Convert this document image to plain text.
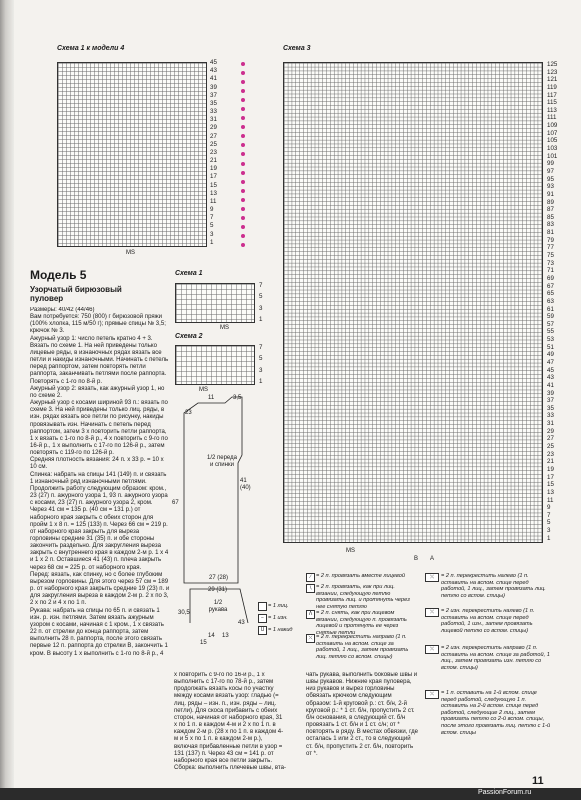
Схема 1 к модели 4
45
43
41
39
37
35
33
31
29
27
25
23
21
19
17
15
13
11
9
7
5
3
1
MS
Схема 3
125
123
121
119
117
115
113
111
109
107
105
103
101
99
97
95
93
91
89
87
85
83
81
79
77
75
73
71
69
67
65
63
61
59
57
55
53
51
49
47
45
43
41
39
37
35
33
31
29
27
25
23
21
19
17
15
13
11
9
7
5
3
1
MS
B A
Модель 5
Узорчатый бирюзовый
пуловер
Размеры: 40/42 (44/46)
Вам потребуется: 750 (800) г бирюзовой пряжи (100% хлопка, 115 м/50 г); прямые спицы № 3,5; крючок № 3.
Ажурный узор 1: число петель кратно 4 + 3. Вязать по схеме 1. На ней приведены только лицевые ряды, в изнаночных рядах вязать все петли и накиды изнаночными. Начинать с петель перед раппортом, затем повторять петли раппорта, заканчивать петлями после раппорта. Повторять с 1-го по 8-й р.
Ажурный узор 2: вязать, как ажурный узор 1, но по схеме 2.
Ажурный узор с косами шириной 93 п.: вязать по схеме 3. На ней приведены только лиц. ряды, в изн. рядах вязать все петли по рисунку, накиды провязывать изн. Начинать с петель перед раппортом, затем 3 х повторить петли раппорта, 1 х вязать с 1-го по 8-й р., 4 х повторить с 9-го по 16-й р., 1 х выполнить с 17-го по 126-й р., затем повторять с 119-го по 126-й р.
Средняя плотность вязания: 24 п. х 33 р. = 10 х 10 см.
Спинка: набрать на спицы 141 (149) п. и связать 1 изнаночный ряд изнаночными петлями. Продолжить работу следующим образом: кром., 23 (27) п. ажурного узора 1, 93 п. ажурного узора с косами, 23 (27) п. ажурного узора 2, кром. Через 41 см = 135 р. (40 см = 131 р.) от наборного края закрыть с обеих сторон для пройм 1 х 8 п. = 125 (133) п. Через 66 см = 219 р. от наборного края закрыть для выреза горловины средние 31 (35) п. и обе стороны закончить раздельно. Для закругления выреза закрыть с внутреннего края в каждом 2-м р. 1 х 4 и 1 х 2 п. Оставшиеся 41 (43) п. плеча закрыть через 68 см = 225 р. от наборного края.
Перед: вязать, как спинку, но с более глубоким вырезом горловины. Для этого через 57 см = 189 р. от наборного края закрыть средние 19 (23) п. и для закругления выреза в каждом 2-м р. 2 х по 3, 2 х по 2 и 4 х по 1 п.
Рукава: набрать на спицы по 65 п. и связать 1 изн. р. изн. петлями. Затем вязать ажурным узором с косами, начиная с 1 кром., 1 х связать 22 п. от стрелки до конца раппорта, затем выполнить 28 п. раппорта, после этого связать первые 12 п. раппорта до стрелки В, закончить 1 кром. В высоту 1 х выполнить с 1-го по 8-й р., 4
Схема 1
7
5
3
1
MS
Схема 2
7
5
3
1
MS
1/2 переда
и спинки
1/2
рукава
3,5
11
23
67
41
(40)
27 (28)
29 (31)
30,5
43
14 13
15
= 1 лиц.
− = 1 изн.
U = 1 накид
х повторить с 9-го по 16-й р., 1 х выполнить с 17-го по 78-й р., затем продолжать вязать косы по участку между косами вязать узор: гладью (= лиц. ряды – изн. п., изн. ряды – лиц. петли). Для скоса прибавить с обеих сторон, начиная от наборного края, 31 х по 1 п. в каждом 4-м и 2 х по 1 п. в каждом 2-м р. (28 х по 1 п. в каждом 4-м и 5 х по 1 п. в каждом 2-м р.), включая прибавленные петли в узор = 131 (137) п. Через 43 см = 141 р. от наборного края все петли закрыть.
Сборка: выполнить плечевые швы, вта-
∕ = 2 п. провязать вместе лицевой
∖ = 2 п. провязать, как при лиц. вязании, следующую петлю провязать лиц. и протянуть через нее снятую петлю
Λ = 2 п. снять, как при лицевом вязании, следующую п. провязать лицевой и протянуть ее через снятые петли
⤬ = 2 п. перекрестить направо (1 п. оставить на вспом. спице за работой, 1 лиц., затем провязать лиц. петлю со вспом. спицы)
чать рукава, выполнить боковые швы и швы рукавов. Нижние края пуловера, низ рукавов и вырез горловины обвязать крючком следующим образом: 1-й круговой р.: ст. б/н, 2-й круговой р.: * 1 ст. б/н, пропустить 2 ст. б/н основания, в следующий ст. б/н провязать 1 ст. б/н и 1 ст. с/н; от * повторять в ряду. В местах обвязки, где осталась 1 или 2 ст., то в следующий ст. б/н, пропустить 2 ст. б/н, повторить от *.
⤬	= 2 п. перекрестить налево (1 п. оставить на вспом. спице перед работой, 1 лиц., затем провязать лиц. петлю со вспом. спицы)
⤬	= 2 изн. перекрестить налево (1 п. оставить на вспом. спице перед работой, 1 изн., затем провязать лицевой петлю со вспом. спицы)
⤬	= 2 изн. перекрестить направо (1 п. оставить на вспом. спице за работой, 1 лиц., затем провязать изн. петлю со вспом. спицы)
⤬	= 1 п. оставить на 1-й вспом. спице перед работой, следующую 1 п. оставить на 2-й вспом. спице перед работой, следующие 2 лиц., затем провязать петлю со 2-й вспом. спицы, после этого провязать лиц. петлю с 1-й вспом. спицы
11
PassionForum.ru
